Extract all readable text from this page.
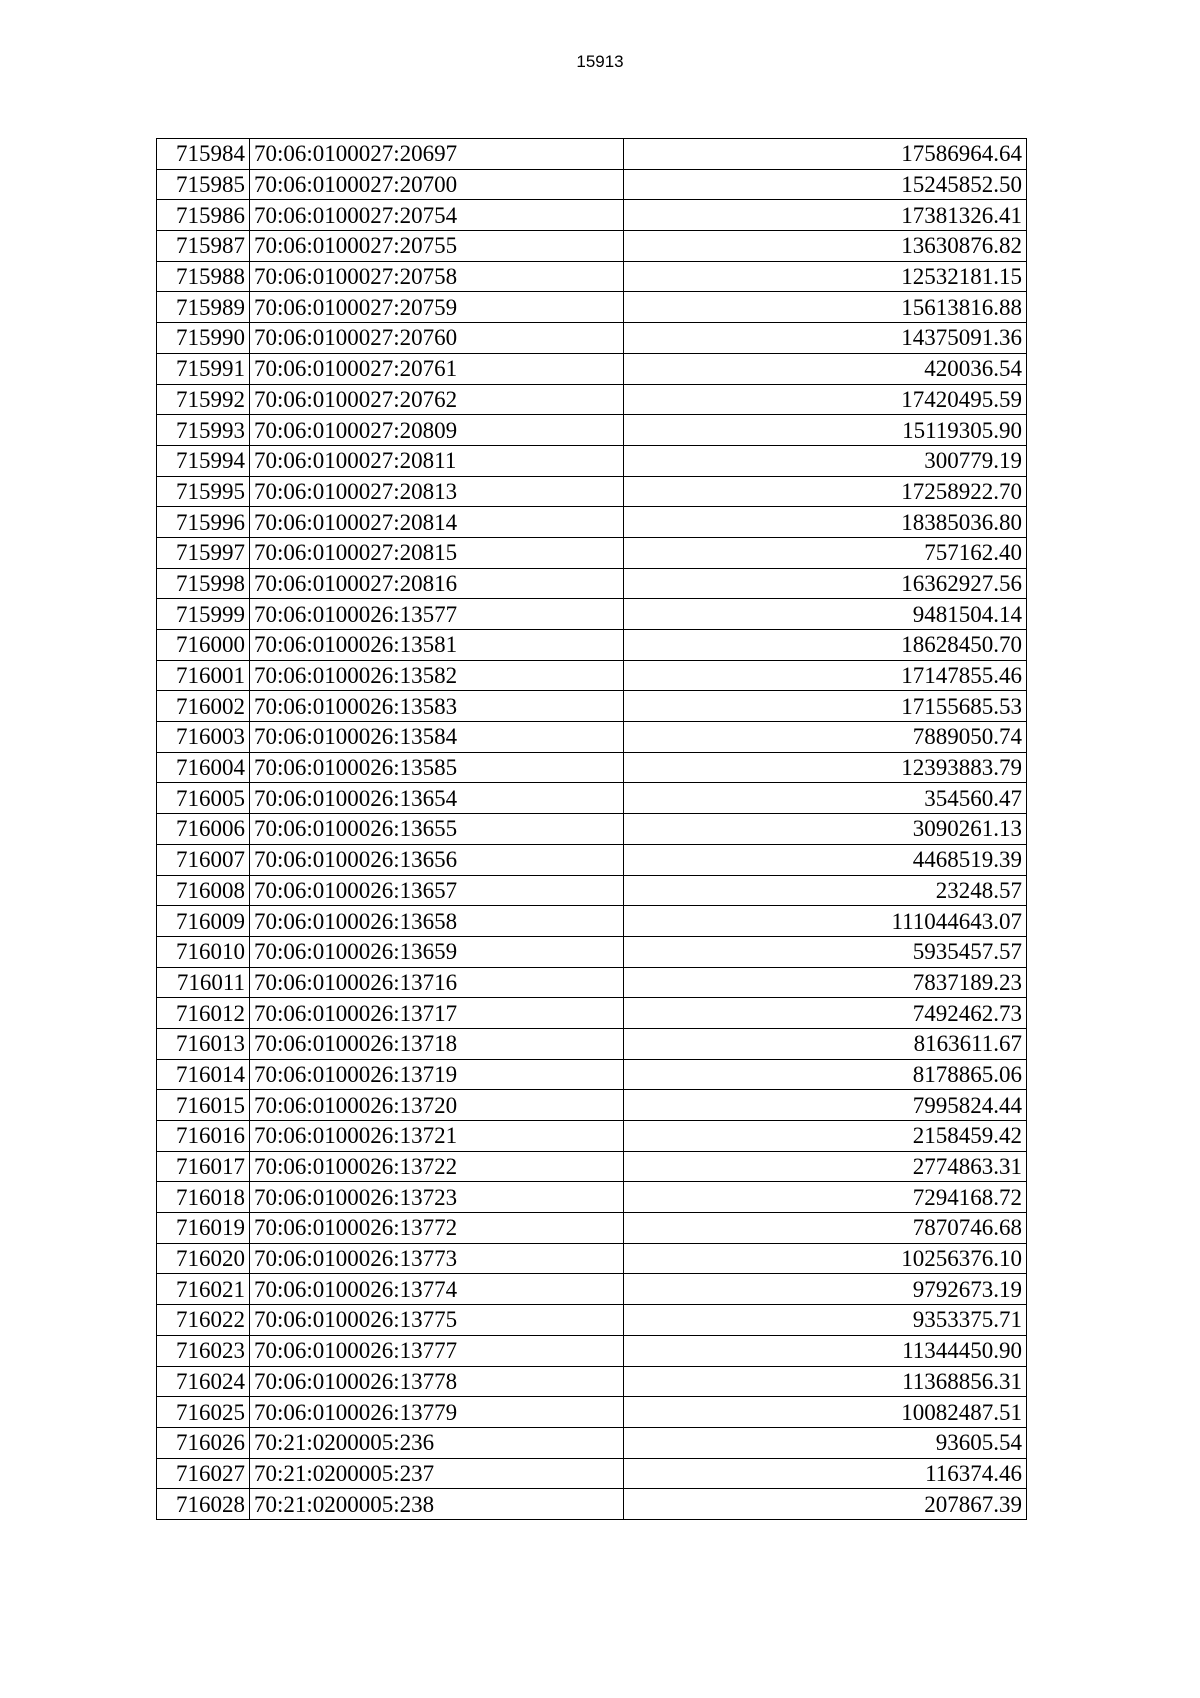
15913
715984	70:06:0100027:20697	17586964.64
715985	70:06:0100027:20700	15245852.50
715986	70:06:0100027:20754	17381326.41
715987	70:06:0100027:20755	13630876.82
715988	70:06:0100027:20758	12532181.15
715989	70:06:0100027:20759	15613816.88
715990	70:06:0100027:20760	14375091.36
715991	70:06:0100027:20761	420036.54
715992	70:06:0100027:20762	17420495.59
715993	70:06:0100027:20809	15119305.90
715994	70:06:0100027:20811	300779.19
715995	70:06:0100027:20813	17258922.70
715996	70:06:0100027:20814	18385036.80
715997	70:06:0100027:20815	757162.40
715998	70:06:0100027:20816	16362927.56
715999	70:06:0100026:13577	9481504.14
716000	70:06:0100026:13581	18628450.70
716001	70:06:0100026:13582	17147855.46
716002	70:06:0100026:13583	17155685.53
716003	70:06:0100026:13584	7889050.74
716004	70:06:0100026:13585	12393883.79
716005	70:06:0100026:13654	354560.47
716006	70:06:0100026:13655	3090261.13
716007	70:06:0100026:13656	4468519.39
716008	70:06:0100026:13657	23248.57
716009	70:06:0100026:13658	111044643.07
716010	70:06:0100026:13659	5935457.57
716011	70:06:0100026:13716	7837189.23
716012	70:06:0100026:13717	7492462.73
716013	70:06:0100026:13718	8163611.67
716014	70:06:0100026:13719	8178865.06
716015	70:06:0100026:13720	7995824.44
716016	70:06:0100026:13721	2158459.42
716017	70:06:0100026:13722	2774863.31
716018	70:06:0100026:13723	7294168.72
716019	70:06:0100026:13772	7870746.68
716020	70:06:0100026:13773	10256376.10
716021	70:06:0100026:13774	9792673.19
716022	70:06:0100026:13775	9353375.71
716023	70:06:0100026:13777	11344450.90
716024	70:06:0100026:13778	11368856.31
716025	70:06:0100026:13779	10082487.51
716026	70:21:0200005:236	93605.54
716027	70:21:0200005:237	116374.46
716028	70:21:0200005:238	207867.39
